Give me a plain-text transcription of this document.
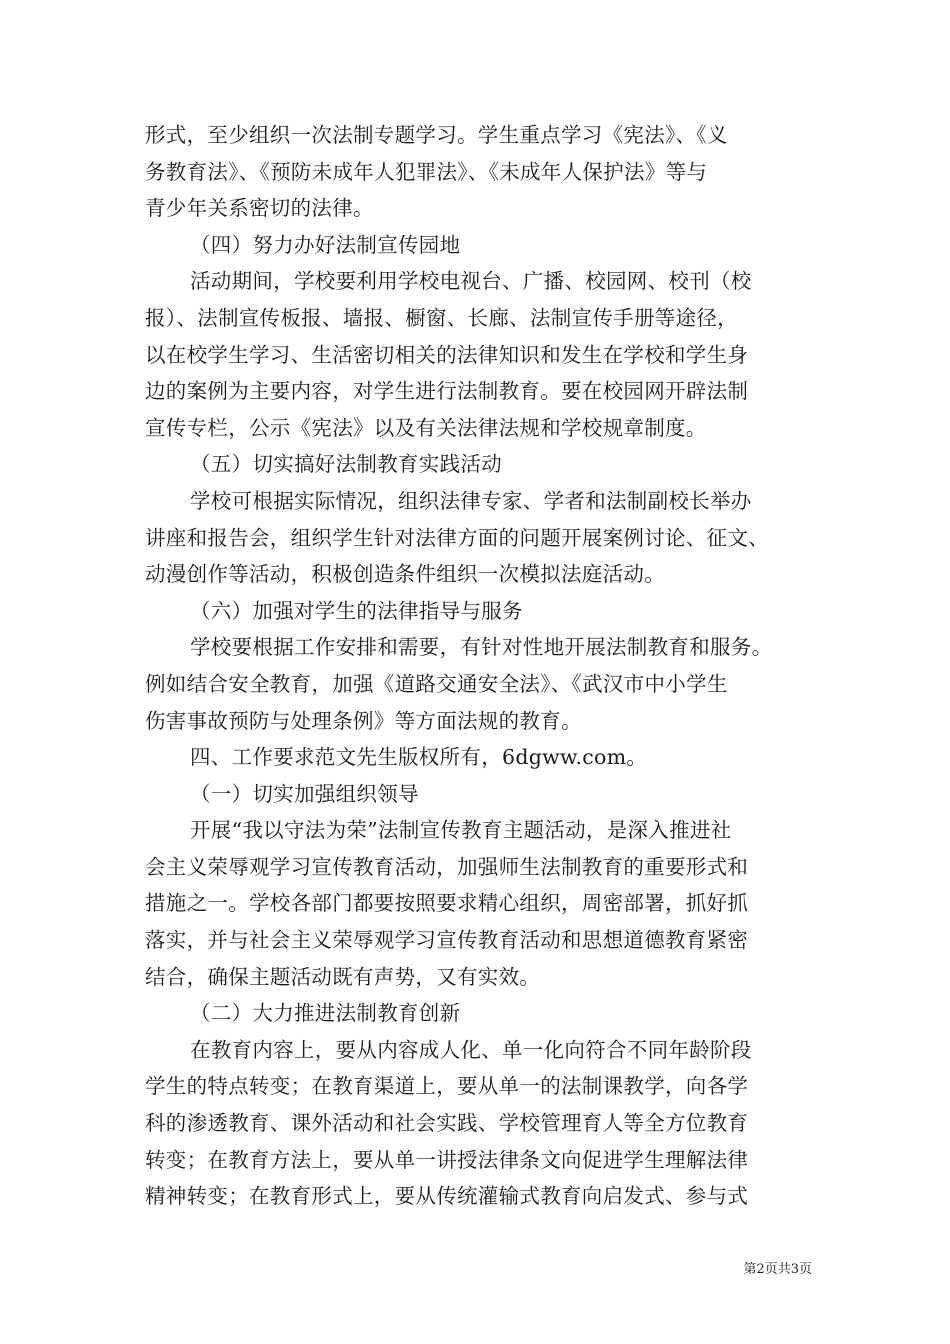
形式，至少组织一次法制专题学习。学生重点学习《宪法》、《义
务教育法》、《预防未成年人犯罪法》、《未成年人保护法》等与
青少年关系密切的法律。
（四）努力办好法制宣传园地
活动期间，学校要利用学校电视台、广播、校园网、校刊（校
报）、法制宣传板报、墙报、橱窗、长廊、法制宣传手册等途径，
以在校学生学习、生活密切相关的法律知识和发生在学校和学生身
边的案例为主要内容，对学生进行法制教育。要在校园网开辟法制
宣传专栏，公示《宪法》以及有关法律法规和学校规章制度。
（五）切实搞好法制教育实践活动
学校可根据实际情况，组织法律专家、学者和法制副校长举办
讲座和报告会，组织学生针对法律方面的问题开展案例讨论、征文、
动漫创作等活动，积极创造条件组织一次模拟法庭活动。
（六）加强对学生的法律指导与服务
学校要根据工作安排和需要，有针对性地开展法制教育和服务。
例如结合安全教育，加强《道路交通安全法》、《武汉市中小学生
伤害事故预防与处理条例》等方面法规的教育。
四、工作要求范文先生版权所有，6dgww.com。
（一）切实加强组织领导
开展“我以守法为荣”法制宣传教育主题活动，是深入推进社
会主义荣辱观学习宣传教育活动，加强师生法制教育的重要形式和
措施之一。学校各部门都要按照要求精心组织，周密部署，抓好抓
落实，并与社会主义荣辱观学习宣传教育活动和思想道德教育紧密
结合，确保主题活动既有声势，又有实效。
（二）大力推进法制教育创新
在教育内容上，要从内容成人化、单一化向符合不同年龄阶段
学生的特点转变；在教育渠道上，要从单一的法制课教学，向各学
科的渗透教育、课外活动和社会实践、学校管理育人等全方位教育
转变；在教育方法上，要从单一讲授法律条文向促进学生理解法律
精神转变；在教育形式上，要从传统灌输式教育向启发式、参与式
第2页共3页
